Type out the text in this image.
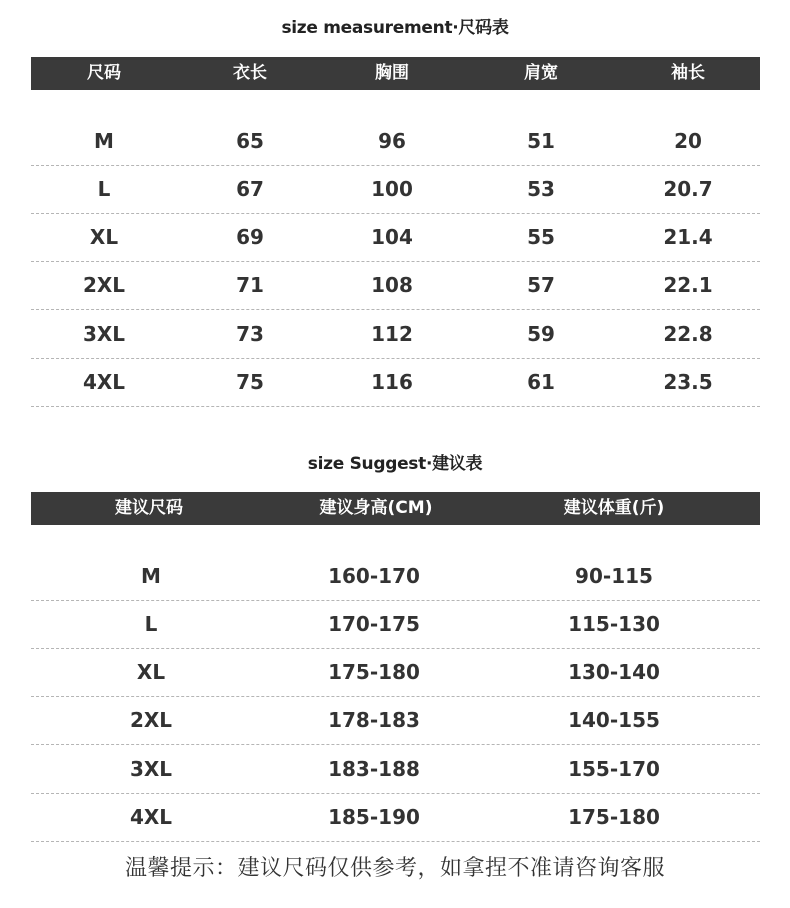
size measurement·尺码表
尺码	衣长	胸围	肩宽	袖长
M	65	96	51	20
L	67	100	53	20.7
XL	69	104	55	21.4
2XL	71	108	57	22.1
3XL	73	112	59	22.8
4XL	75	116	61	23.5
size Suggest·建议表
建议尺码	建议身高(CM)	建议体重(斤)
M	160-170	90-115
L	170-175	115-130
XL	175-180	130-140
2XL	178-183	140-155
3XL	183-188	155-170
4XL	185-190	175-180
温馨提示：建议尺码仅供参考，如拿捏不准请咨询客服
